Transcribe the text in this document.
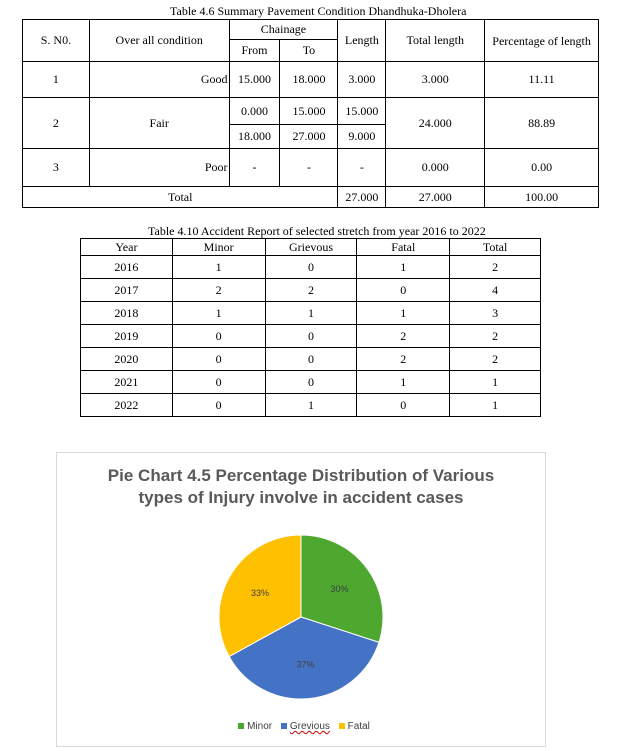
Table 4.6 Summary Pavement Condition Dhandhuka-Dholera
S. N0.	Over all condition	Chainage		Length	Total length	Percentage of length
		From	To			
1	Good	15.000	18.000	3.000	3.000	11.11
2	Fair	0.000	15.000	15.000	24.000	88.89
		18.000	27.000	9.000		
3	Poor	-	-	-	0.000	0.00
Total				27.000	27.000	100.00
Table 4.10 Accident Report of selected stretch from year 2016 to 2022
Year	Minor	Grievous	Fatal	Total
2016	1	0	1	2
2017	2	2	0	4
2018	1	1	1	3
2019	0	0	2	2
2020	0	0	2	2
2021	0	0	1	1
2022	0	1	0	1
Pie Chart 4.5 Percentage Distribution of Various
types of Injury involve in accident cases
30%
37%
33%
Minor Grevious Fatal
